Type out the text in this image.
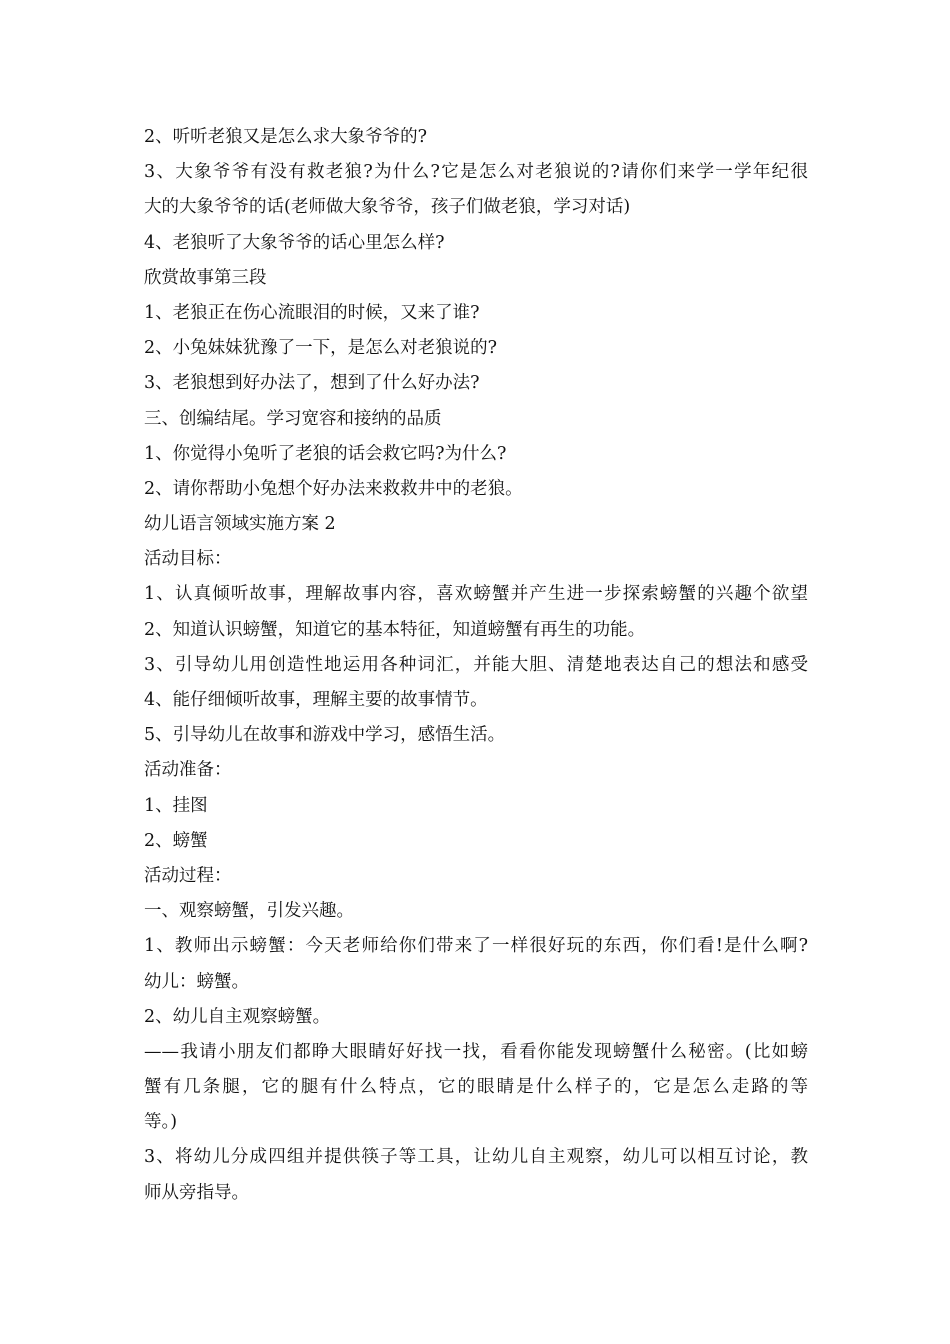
2、听听老狼又是怎么求大象爷爷的?
3、大象爷爷有没有救老狼?为什么?它是怎么对老狼说的?请你们来学一学年纪很
大的大象爷爷的话(老师做大象爷爷，孩子们做老狼，学习对话)
4、老狼听了大象爷爷的话心里怎么样?
欣赏故事第三段
1、老狼正在伤心流眼泪的时候，又来了谁?
2、小兔妹妹犹豫了一下，是怎么对老狼说的?
3、老狼想到好办法了，想到了什么好办法?
三、创编结尾。学习宽容和接纳的品质
1、你觉得小兔听了老狼的话会救它吗?为什么?
2、请你帮助小兔想个好办法来救救井中的老狼。
幼儿语言领域实施方案 2
活动目标：
1、认真倾听故事，理解故事内容，喜欢螃蟹并产生进一步探索螃蟹的兴趣个欲望
2、知道认识螃蟹，知道它的基本特征，知道螃蟹有再生的功能。
3、引导幼儿用创造性地运用各种词汇，并能大胆、清楚地表达自己的想法和感受
4、能仔细倾听故事，理解主要的故事情节。
5、引导幼儿在故事和游戏中学习，感悟生活。
活动准备：
1、挂图
2、螃蟹
活动过程：
一、观察螃蟹，引发兴趣。
1、教师出示螃蟹：今天老师给你们带来了一样很好玩的东西，你们看!是什么啊?
幼儿：螃蟹。
2、幼儿自主观察螃蟹。
——我请小朋友们都睁大眼睛好好找一找，看看你能发现螃蟹什么秘密。(比如螃
蟹有几条腿，它的腿有什么特点，它的眼睛是什么样子的，它是怎么走路的等
等。)
3、将幼儿分成四组并提供筷子等工具，让幼儿自主观察，幼儿可以相互讨论，教
师从旁指导。
